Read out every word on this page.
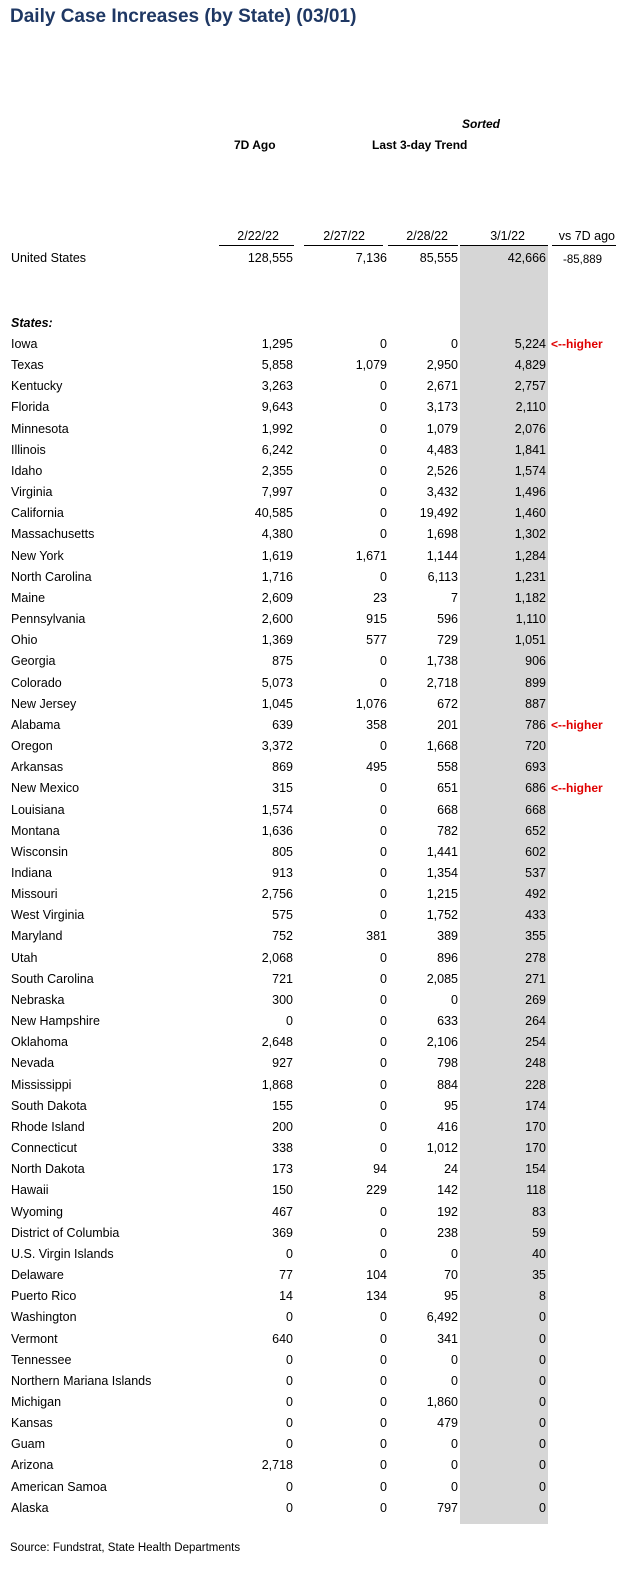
Daily Case Increases (by State) (03/01)
Sorted
7D Ago	Last 3-day Trend
2/22/22	2/27/22	2/28/22	3/1/22	vs 7D ago
United States	128,555	7,136	85,555	42,666 -85,889
States:
Iowa	1,295	0	0	5,224 <--higher
Texas	5,858	1,079	2,950	4,829
Kentucky	3,263	0	2,671	2,757
Florida	9,643	0	3,173	2,110
Minnesota	1,992	0	1,079	2,076
Illinois	6,242	0	4,483	1,841
Idaho	2,355	0	2,526	1,574
Virginia	7,997	0	3,432	1,496
California	40,585	0	19,492	1,460
Massachusetts	4,380	0	1,698	1,302
New York	1,619	1,671	1,144	1,284
North Carolina	1,716	0	6,113	1,231
Maine	2,609	23	7	1,182
Pennsylvania	2,600	915	596	1,110
Ohio	1,369	577	729	1,051
Georgia	875	0	1,738	906
Colorado	5,073	0	2,718	899
New Jersey	1,045	1,076	672	887
Alabama	639	358	201	786 <--higher
Oregon	3,372	0	1,668	720
Arkansas	869	495	558	693
New Mexico	315	0	651	686 <--higher
Louisiana	1,574	0	668	668
Montana	1,636	0	782	652
Wisconsin	805	0	1,441	602
Indiana	913	0	1,354	537
Missouri	2,756	0	1,215	492
West Virginia	575	0	1,752	433
Maryland	752	381	389	355
Utah	2,068	0	896	278
South Carolina	721	0	2,085	271
Nebraska	300	0	0	269
New Hampshire	0	0	633	264
Oklahoma	2,648	0	2,106	254
Nevada	927	0	798	248
Mississippi	1,868	0	884	228
South Dakota	155	0	95	174
Rhode Island	200	0	416	170
Connecticut	338	0	1,012	170
North Dakota	173	94	24	154
Hawaii	150	229	142	118
Wyoming	467	0	192	83
District of Columbia	369	0	238	59
U.S. Virgin Islands	0	0	0	40
Delaware	77	104	70	35
Puerto Rico	14	134	95	8
Washington	0	0	6,492	0
Vermont	640	0	341	0
Tennessee	0	0	0	0
Northern Mariana Islands	0	0	0	0
Michigan	0	0	1,860	0
Kansas	0	0	479	0
Guam	0	0	0	0
Arizona	2,718	0	0	0
American Samoa	0	0	0	0
Alaska	0	0	797	0
Source: Fundstrat, State Health Departments
